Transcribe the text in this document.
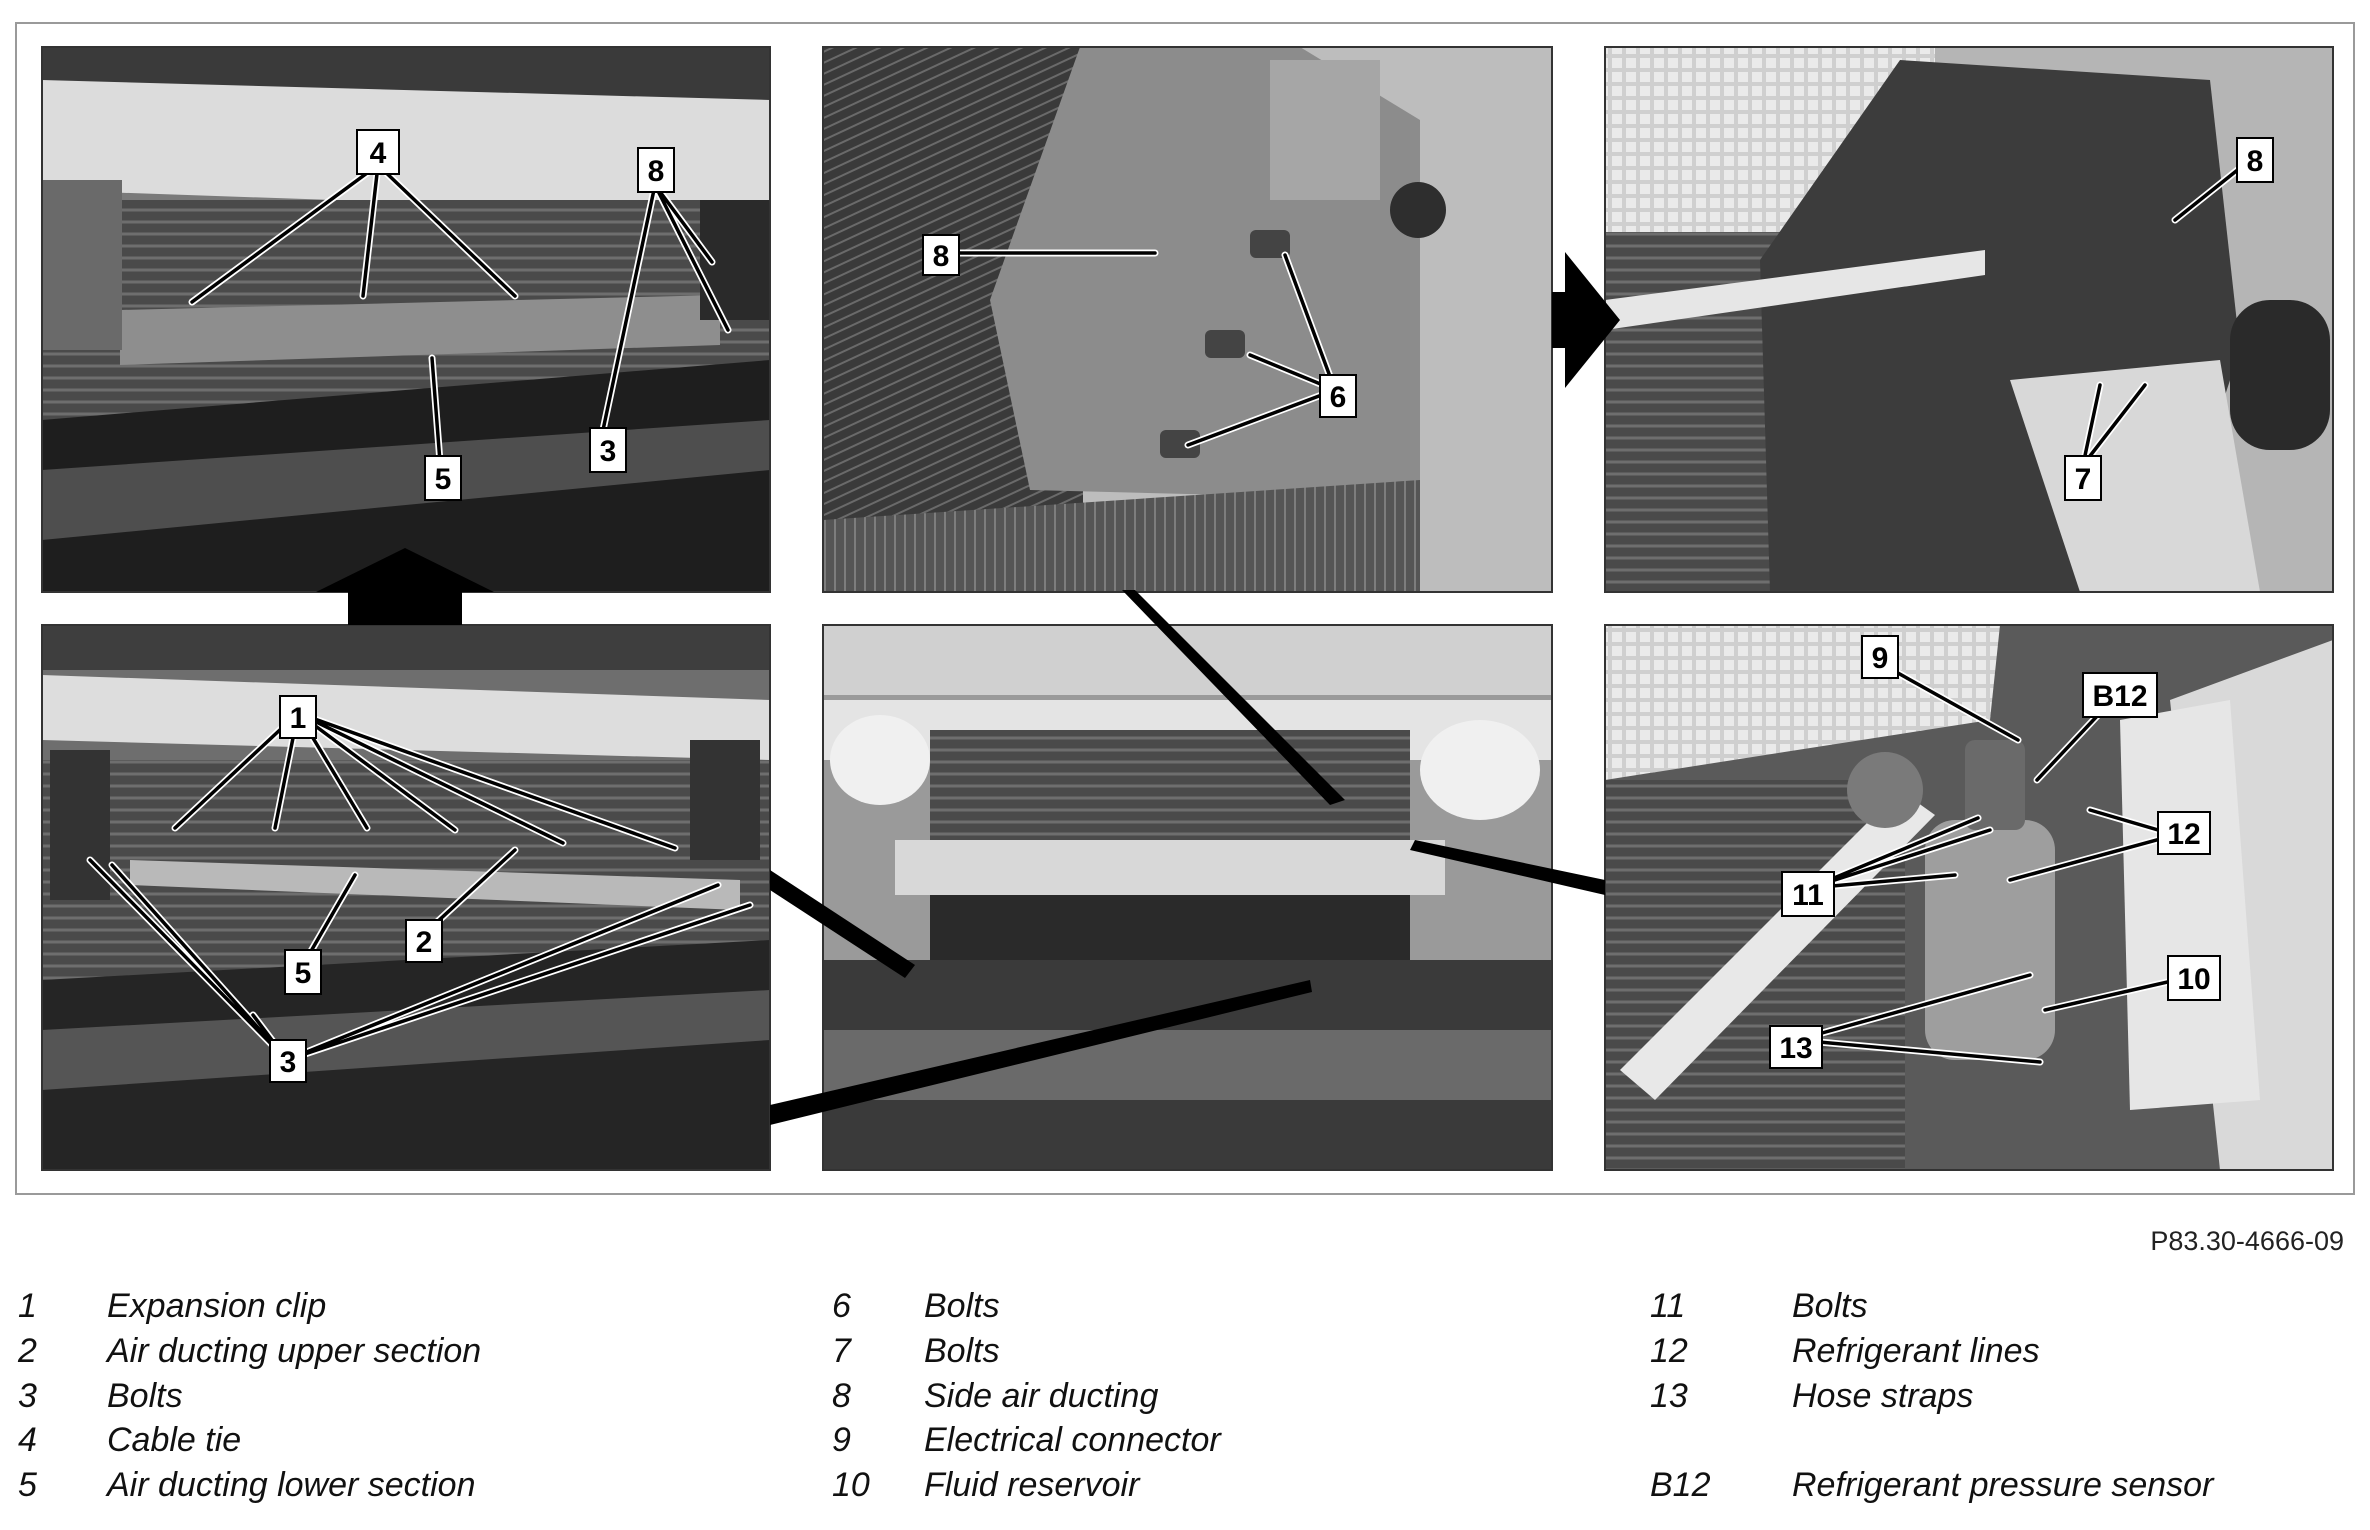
4
8
3
5
8
6
8
7
1
2
5
3
9
B12
12
11
10
13
P83.30-4666-09
1 Expansion clip
2 Air ducting upper section
3 Bolts
4 Cable tie
5 Air ducting lower section
6 Bolts
7 Bolts
8 Side air ducting
9 Electrical connector
10 Fluid reservoir
11	Bolts
12	Refrigerant lines
13	Hose straps
B12 Refrigerant pressure sensor
